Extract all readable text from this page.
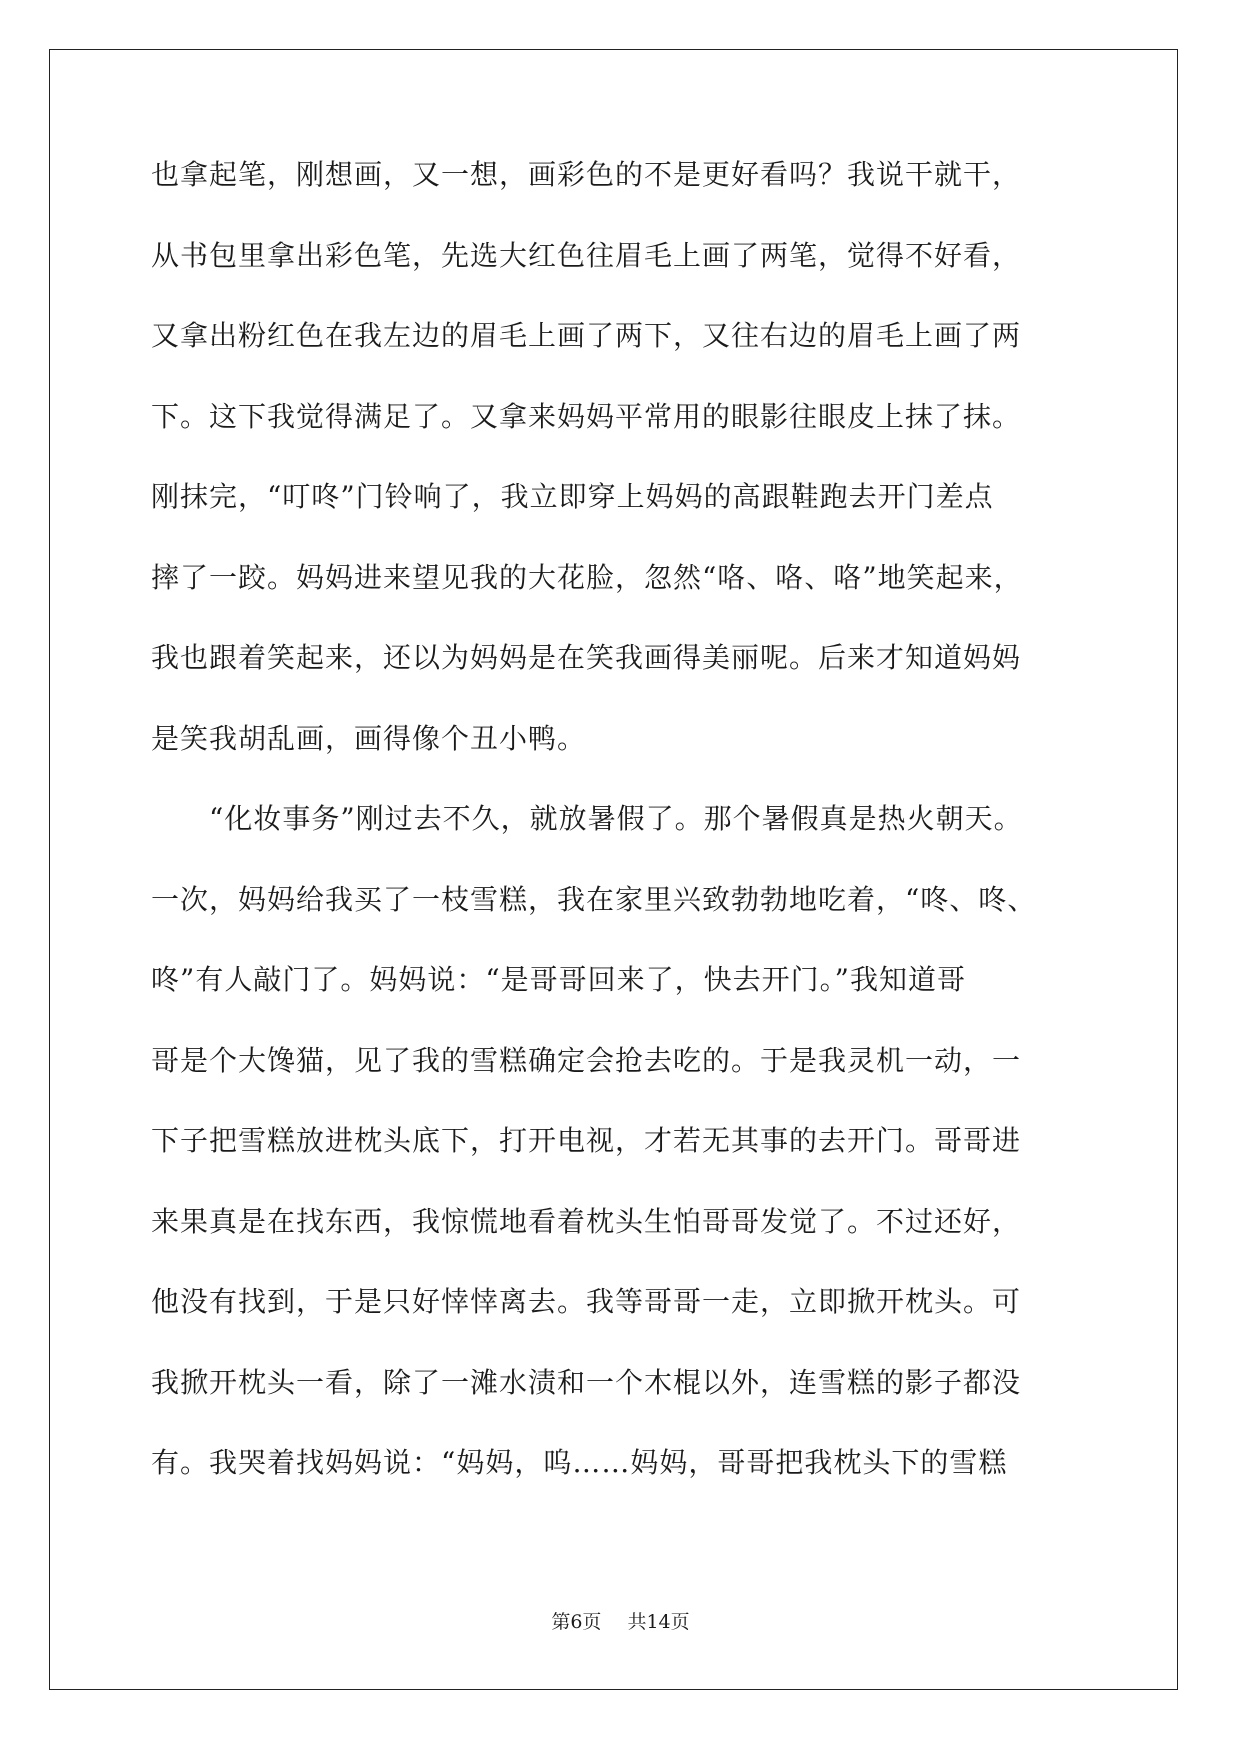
也拿起笔，刚想画，又一想，画彩色的不是更好看吗？我说干就干，
从书包里拿出彩色笔，先选大红色往眉毛上画了两笔，觉得不好看，
又拿出粉红色在我左边的眉毛上画了两下，又往右边的眉毛上画了两
下。这下我觉得满足了。又拿来妈妈平常用的眼影往眼皮上抹了抹。
刚抹完，“叮咚”门铃响了，我立即穿上妈妈的高跟鞋跑去开门差点
摔了一跤。妈妈进来望见我的大花脸，忽然“咯、咯、咯”地笑起来，
我也跟着笑起来，还以为妈妈是在笑我画得美丽呢。后来才知道妈妈
是笑我胡乱画，画得像个丑小鸭。
　　“化妆事务”刚过去不久，就放暑假了。那个暑假真是热火朝天。
一次，妈妈给我买了一枝雪糕，我在家里兴致勃勃地吃着，“咚、咚、
咚”有人敲门了。妈妈说：“是哥哥回来了，快去开门。”我知道哥
哥是个大馋猫，见了我的雪糕确定会抢去吃的。于是我灵机一动，一
下子把雪糕放进枕头底下，打开电视，才若无其事的去开门。哥哥进
来果真是在找东西，我惊慌地看着枕头生怕哥哥发觉了。不过还好，
他没有找到，于是只好悻悻离去。我等哥哥一走，立即掀开枕头。可
我掀开枕头一看，除了一滩水渍和一个木棍以外，连雪糕的影子都没
有。我哭着找妈妈说：“妈妈，呜……妈妈，哥哥把我枕头下的雪糕
第6页 共14页
